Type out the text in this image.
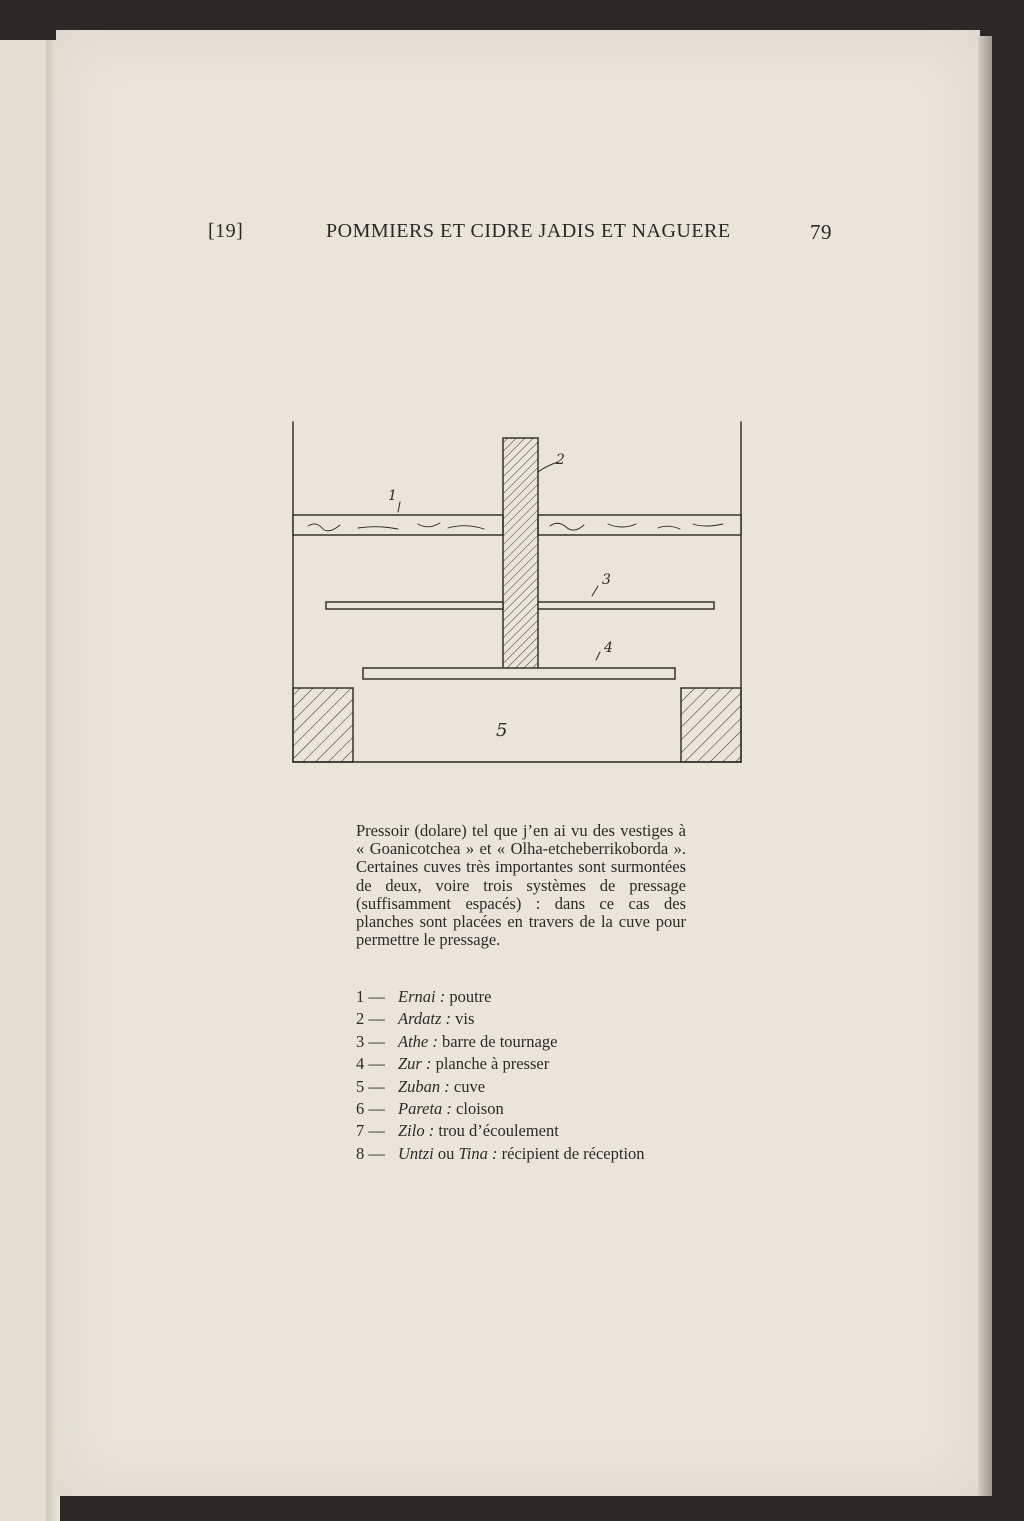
[19]	POMMIERS ET CIDRE JADIS ET NAGUERE	79
1
2
3
4
5

Pressoir (dolare) tel que j’en ai vu des vestiges à « Goanicotchea » et « Olha-etcheberrikoborda ». Certaines cuves très importantes sont surmontées de deux, voire trois systèmes de pressage (suffisamment espacés) : dans ce cas des planches sont placées en travers de la cuve pour permettre le pressage.

1 — Ernai : poutre
2 — Ardatz : vis
3 — Athe : barre de tournage
4 — Zur : planche à presser
5 — Zuban : cuve
6 — Pareta : cloison
7 — Zilo : trou d’écoulement
8 — Untzi ou Tina : récipient de réception
